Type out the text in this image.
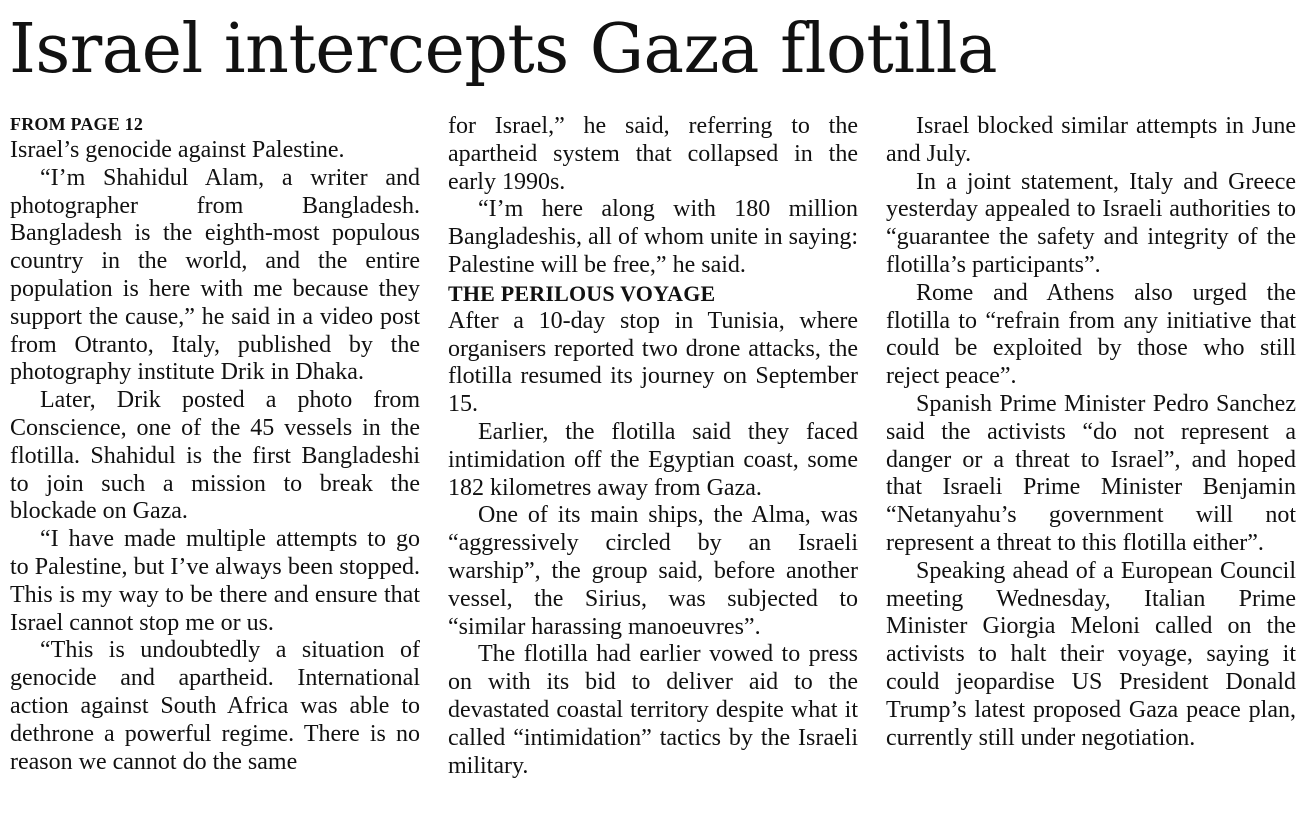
Israel intercepts Gaza flotilla
FROM PAGE 12

Israel’s genocide against Palestine.

“I’m Shahidul Alam, a writer and photographer from Bangladesh. Bangladesh is the eighth-most populous country in the world, and the entire population is here with me because they support the cause,” he said in a video post from Otranto, Italy, published by the photography institute Drik in Dhaka.

Later, Drik posted a photo from Conscience, one of the 45 vessels in the flotilla. Shahidul is the first Bangladeshi to join such a mission to break the blockade on Gaza.

“I have made multiple attempts to go to Palestine, but I’ve always been stopped. This is my way to be there and ensure that Israel cannot stop me or us.

“This is undoubtedly a situation of genocide and apartheid. International action against South Africa was able to dethrone a powerful regime. There is no reason we cannot do the same

for Israel,” he said, referring to the apartheid system that collapsed in the early 1990s.

“I’m here along with 180 million Bangladeshis, all of whom unite in saying: Palestine will be free,” he said.

THE PERILOUS VOYAGE

After a 10-day stop in Tunisia, where organisers reported two drone attacks, the flotilla resumed its journey on September 15.

Earlier, the flotilla said they faced intimidation off the Egyptian coast, some 182 kilometres away from Gaza.

One of its main ships, the Alma, was “aggressively circled by an Israeli warship”, the group said, before another vessel, the Sirius, was subjected to “similar harassing manoeuvres”.

The flotilla had earlier vowed to press on with its bid to deliver aid to the devastated coastal territory despite what it called “intimidation” tactics by the Israeli military.

Israel blocked similar attempts in June and July.

In a joint statement, Italy and Greece yesterday appealed to Israeli authorities to “guarantee the safety and integrity of the flotilla’s participants”.

Rome and Athens also urged the flotilla to “refrain from any initiative that could be exploited by those who still reject peace”.

Spanish Prime Minister Pedro Sanchez said the activists “do not represent a danger or a threat to Israel”, and hoped that Israeli Prime Minister Benjamin “Netanyahu’s government will not represent a threat to this flotilla either”.

Speaking ahead of a European Council meeting Wednesday, Italian Prime Minister Giorgia Meloni called on the activists to halt their voyage, saying it could jeopardise US President Donald Trump’s latest proposed Gaza peace plan, currently still under negotiation.
